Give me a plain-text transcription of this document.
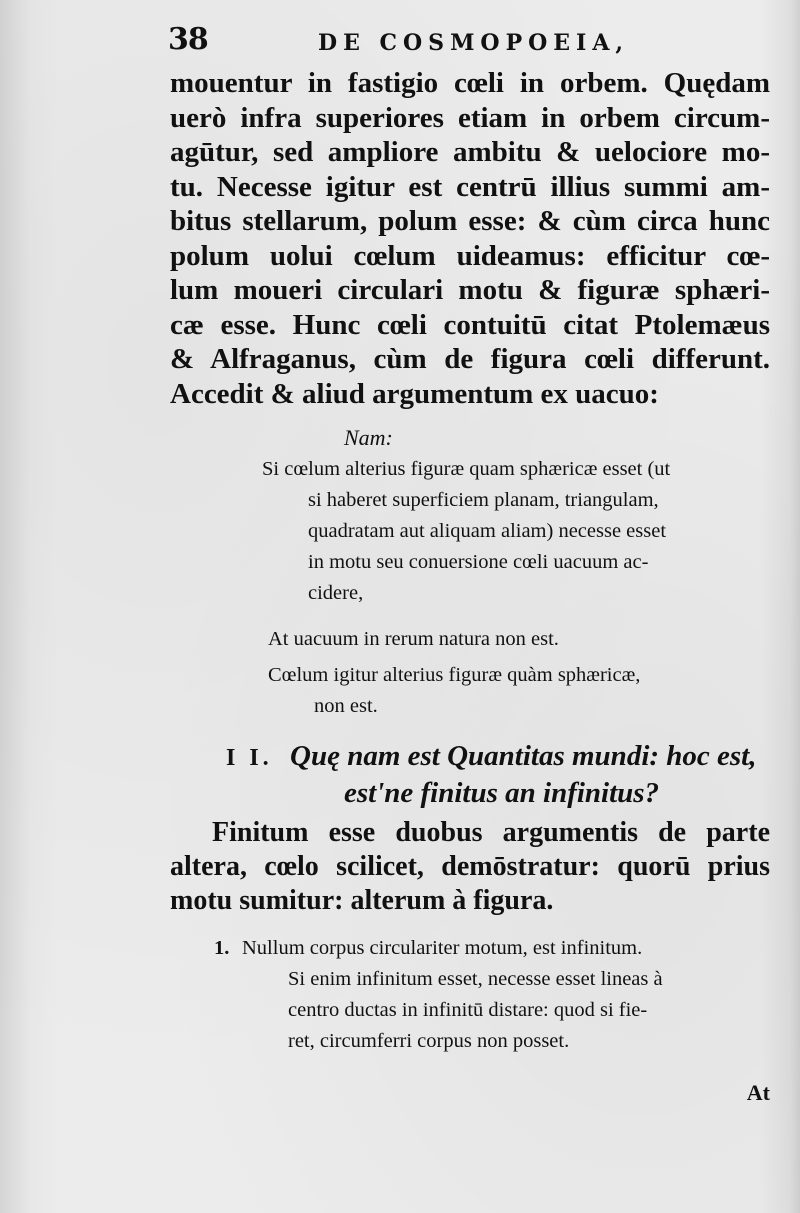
38	DE COSMOPOEIA,
mouentur in fastigio cœli in orbem. Quędam
uerò infra superiores etiam in orbem circum-
agūtur, sed ampliore ambitu & uelociore mo-
tu. Necesse igitur est centrū illius summi am-
bitus stellarum, polum esse: & cùm circa hunc
polum uolui cœlum uideamus: efficitur cœ-
lum moueri circulari motu & figuræ sphæri-
cæ esse. Hunc cœli contuitū citat Ptolemæus
& Alfraganus, cùm de figura cœli differunt.
Accedit & aliud argumentum ex uacuo:
Nam:
Si cœlum alterius figuræ quam sphæricæ esset (ut
si haberet superficiem planam, triangulam,
quadratam aut aliquam aliam) necesse esset
in motu seu conuersione cœli uacuum ac-
cidere,
At uacuum in rerum natura non est.
Cœlum igitur alterius figuræ quàm sphæricæ,
non est.
I I. Quę nam est Quantitas mundi: hoc est,
est'ne finitus an infinitus?
Finitum esse duobus argumentis de parte
altera, cœlo scilicet, demōstratur: quorū prius
motu sumitur: alterum à figura.
1. Nullum corpus circulariter motum, est infinitum.
Si enim infinitum esset, necesse esset lineas à
centro ductas in infinitū distare: quod si fie-
ret, circumferri corpus non posset.
At
